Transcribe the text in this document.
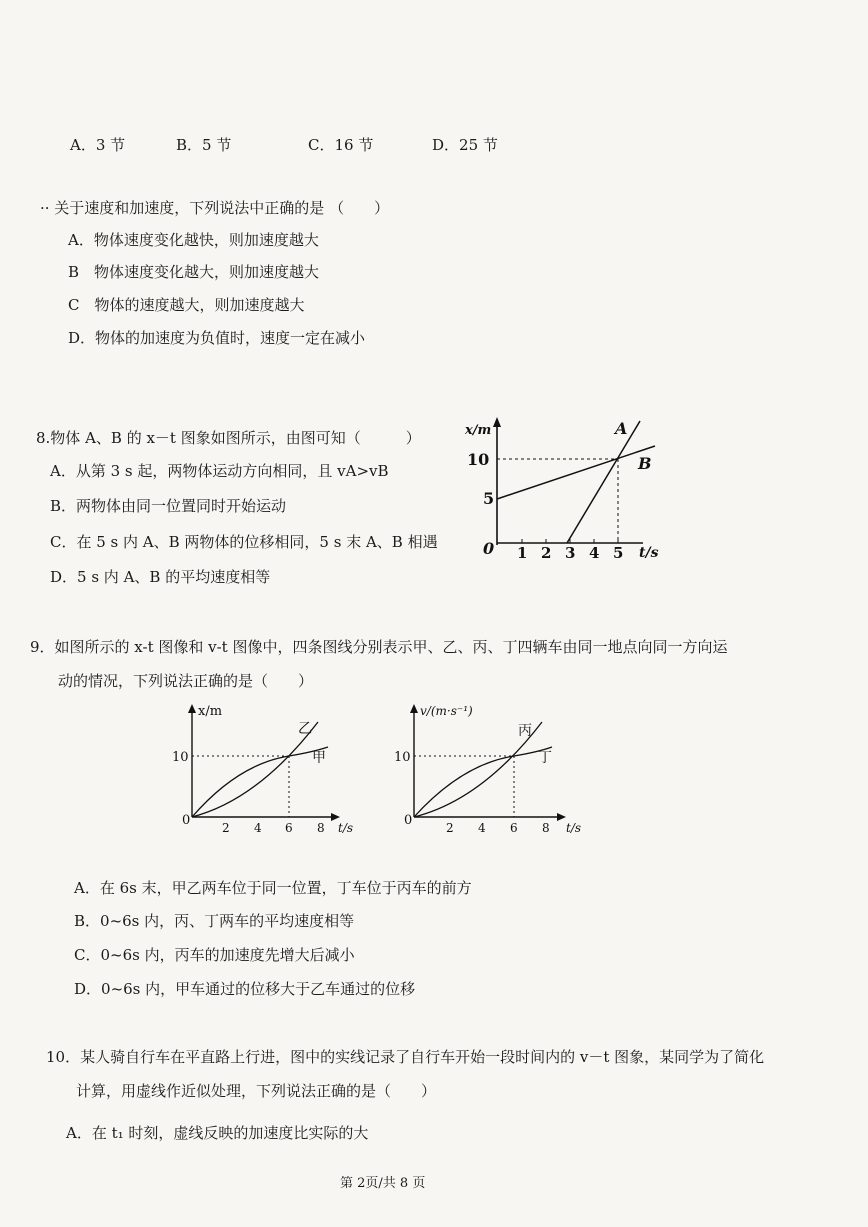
A．3 节	B．5 节	C．16 节	D．25 节
·· 关于速度和加速度，下列说法中正确的是 （　　）
A．物体速度变化越快，则加速度越大
B　物体速度变化越大，则加速度越大
C　物体的速度越大，则加速度越大
D．物体的加速度为负值时，速度一定在减小
8.物体 A、B 的 x－t 图象如图所示，由图可知（　　　）
A．从第 3 s 起，两物体运动方向相同，且 vA>vB
B．两物体由同一位置同时开始运动
C．在 5 s 内 A、B 两物体的位移相同，5 s 末 A、B 相遇
D．5 s 内 A、B 的平均速度相等
x/m
10
5
0 1 2 3 4 5 t/s
A
B
9．如图所示的 x-t 图像和 v-t 图像中，四条图线分别表示甲、乙、丙、丁四辆车由同一地点向同一方向运
动的情况，下列说法正确的是（　　）
x/m
10
0	2 4 6 8 t/s
乙
甲
v/(m·s⁻¹)
10
0	2 4 6 8 t/s
丙
丁
A．在 6s 末，甲乙两车位于同一位置，丁车位于丙车的前方
B．0~6s 内，丙、丁两车的平均速度相等
C．0~6s 内，丙车的加速度先增大后减小
D．0~6s 内，甲车通过的位移大于乙车通过的位移
10．某人骑自行车在平直路上行进，图中的实线记录了自行车开始一段时间内的 v－t 图象，某同学为了简化
计算，用虚线作近似处理，下列说法正确的是（　　）
A．在 t₁ 时刻，虚线反映的加速度比实际的大
第 2页/共 8 页
